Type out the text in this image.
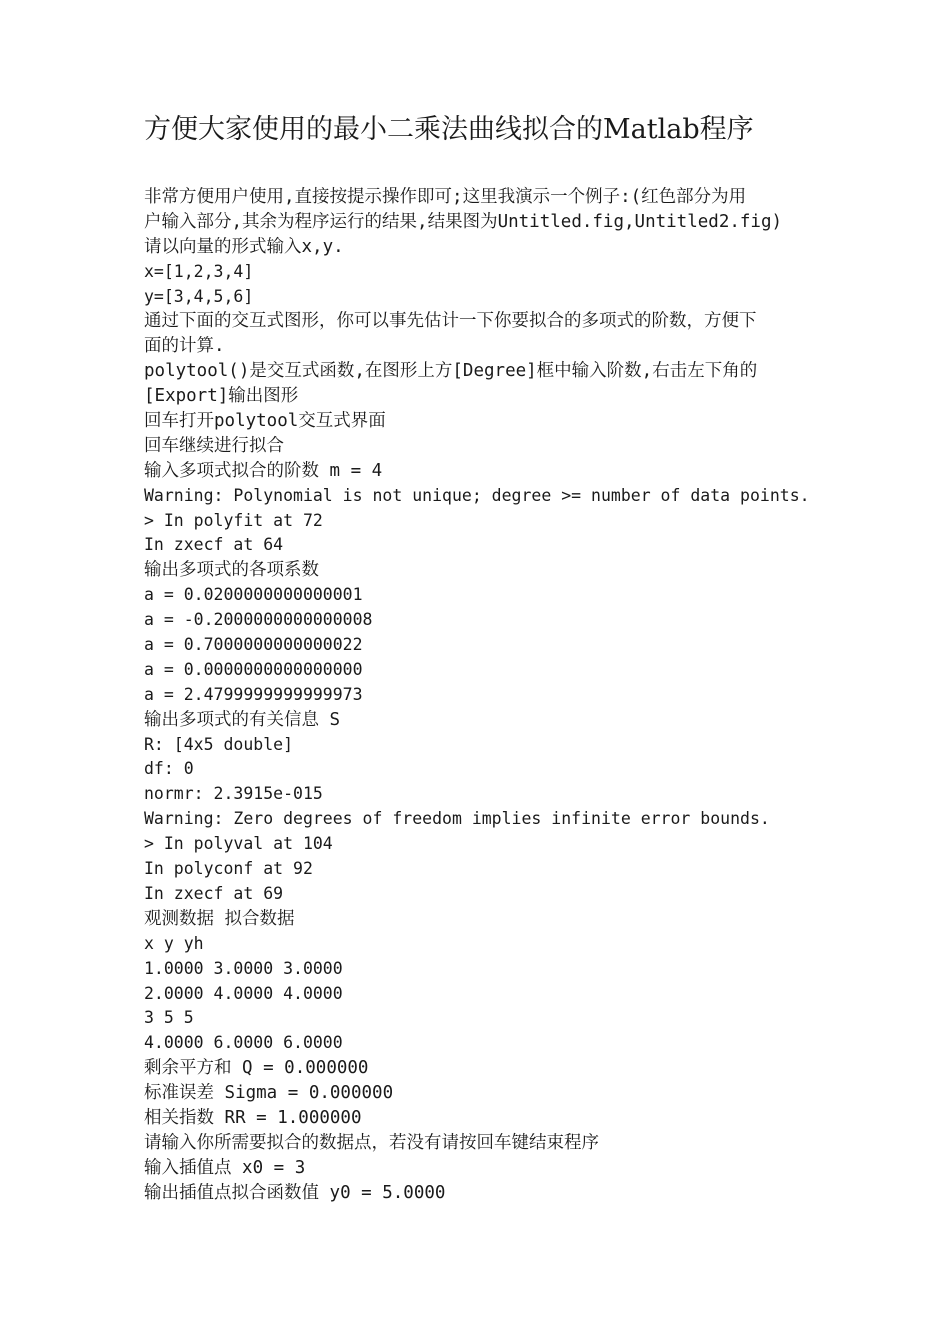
方便大家使用的最小二乘法曲线拟合的Matlab程序
非常方便用户使用,直接按提示操作即可;这里我演示一个例子:(红色部分为用
户输入部分,其余为程序运行的结果,结果图为Untitled.fig,Untitled2.fig)
请以向量的形式输入x,y.
x=[1,2,3,4]
y=[3,4,5,6]
通过下面的交互式图形，你可以事先估计一下你要拟合的多项式的阶数，方便下
面的计算.
polytool()是交互式函数,在图形上方[Degree]框中输入阶数,右击左下角的
[Export]输出图形
回车打开polytool交互式界面
回车继续进行拟合
输入多项式拟合的阶数 m = 4
Warning: Polynomial is not unique; degree >= number of data points.
> In polyfit at 72
In zxecf at 64
输出多项式的各项系数
a = 0.0200000000000001
a = -0.2000000000000008
a = 0.7000000000000022
a = 0.0000000000000000
a = 2.4799999999999973
输出多项式的有关信息 S
R: [4x5 double]
df: 0
normr: 2.3915e-015
Warning: Zero degrees of freedom implies infinite error bounds.
> In polyval at 104
In polyconf at 92
In zxecf at 69
观测数据 拟合数据
x y yh
1.0000 3.0000 3.0000
2.0000 4.0000 4.0000
3 5 5
4.0000 6.0000 6.0000
剩余平方和 Q = 0.000000
标准误差 Sigma = 0.000000
相关指数 RR = 1.000000
请输入你所需要拟合的数据点，若没有请按回车键结束程序
输入插值点 x0 = 3
输出插值点拟合函数值 y0 = 5.0000
